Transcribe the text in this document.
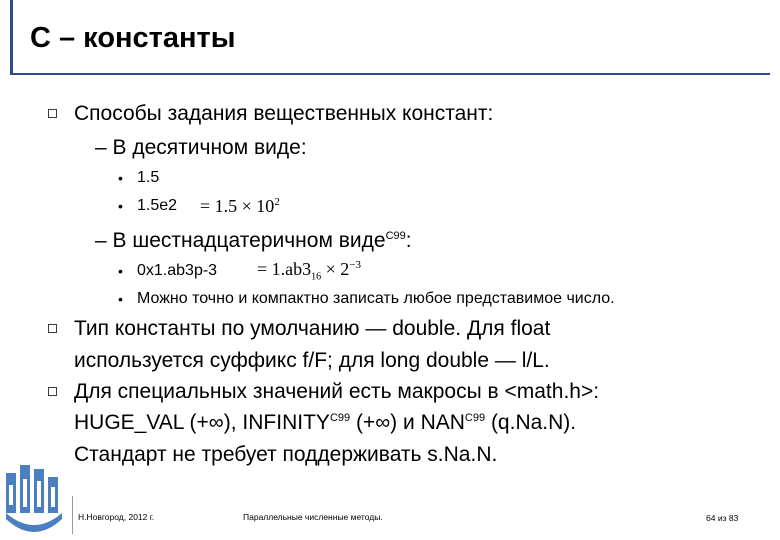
С – константы
Способы задания вещественных констант:
– В десятичном виде:
• 1.5
• $1.5e2 = 1.5 \times 10^2$
– В шестнадцатеричном виде$^{C99}$:
• $0x1.ab3p-3 = 1.ab3_{16} \times 2^{-3}$
• Можно точно и компактно записать любое представимое число.
Тип константы по умолчанию — double. Для float
используется суффикс f/F; для long double — l/L.
Для специальных значений есть макросы в <math.h>:
HUGE_VAL (+∞), $INFINITY^{C99}$ (+∞) и $NAN^{C99}$ (q.Na.N).
Стандарт не требует поддерживать s.Na.N.
Н.Новгород, 2012 г.	Параллельные численные методы.	64 из 83
